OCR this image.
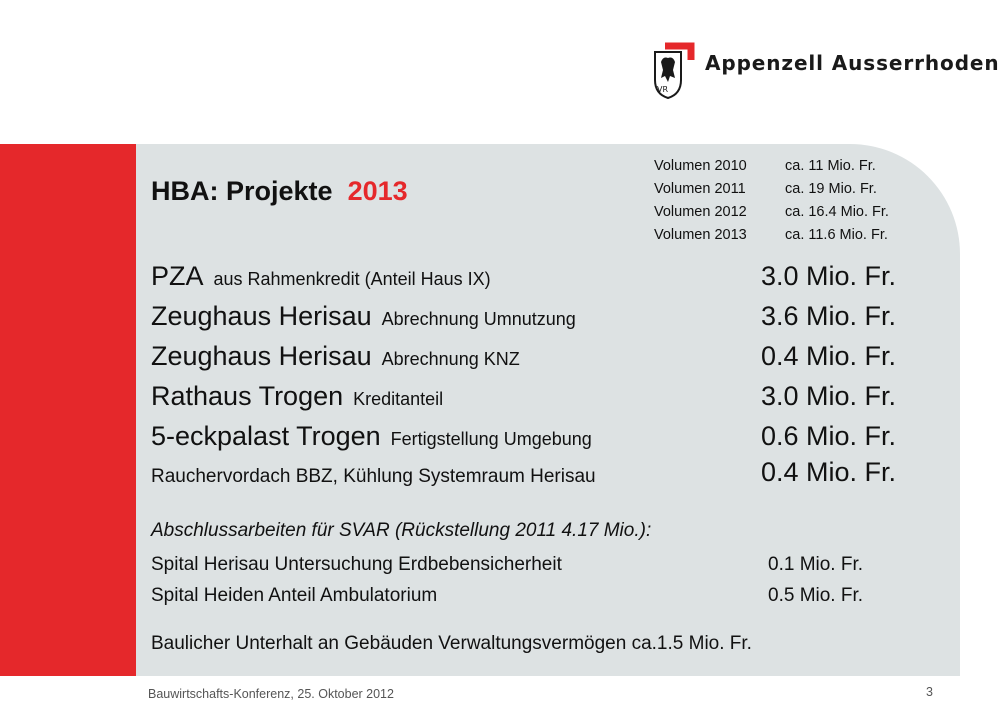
VR
Appenzell Ausserrhoden
HBA: Projekte 2013
Volumen 2010	ca. 11 Mio. Fr.
Volumen 2011	ca. 19 Mio. Fr.
Volumen 2012	ca. 16.4 Mio. Fr.
Volumen 2013	ca. 11.6 Mio. Fr.
PZA aus Rahmenkredit (Anteil Haus IX)	3.0 Mio. Fr.
Zeughaus Herisau Abrechnung Umnutzung	3.6 Mio. Fr.
Zeughaus Herisau Abrechnung KNZ	0.4 Mio. Fr.
Rathaus Trogen Kreditanteil	3.0 Mio. Fr.
5-eckpalast Trogen Fertigstellung Umgebung	0.6 Mio. Fr.
Rauchervordach BBZ, Kühlung Systemraum Herisau	0.4 Mio. Fr.
Abschlussarbeiten für SVAR (Rückstellung 2011 4.17 Mio.):
Spital Herisau Untersuchung Erdbebensicherheit	0.1 Mio. Fr.
Spital Heiden Anteil Ambulatorium	0.5 Mio. Fr.
Baulicher Unterhalt an Gebäuden Verwaltungsvermögen ca.1.5 Mio. Fr.
Bauwirtschafts-Konferenz, 25. Oktober 2012	3
